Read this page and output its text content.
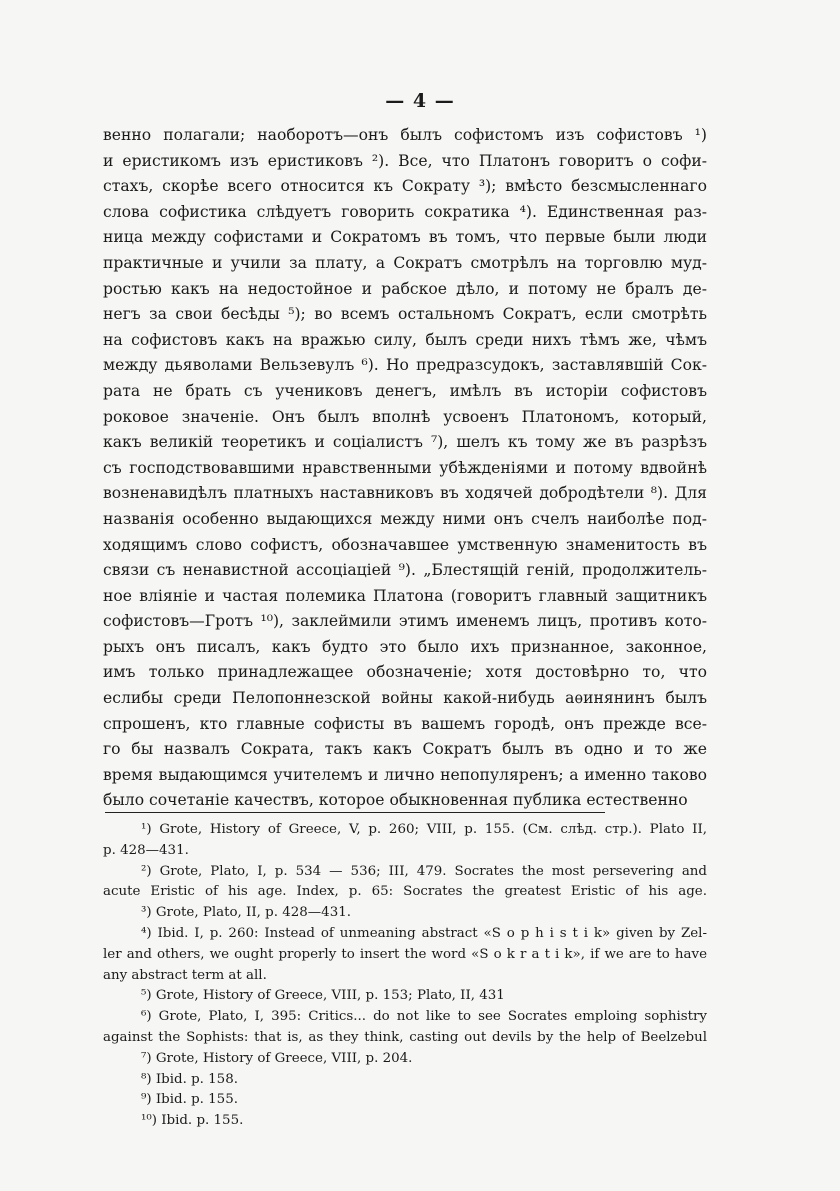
— 4 —
венно полагали; наоборотъ—онъ былъ софистомъ изъ софистовъ ¹)
и еристикомъ изъ еристиковъ ²). Все, что Платонъ говоритъ о софи-
стахъ, скорѣе всего относится къ Сократу ³); вмѣсто безсмысленнаго
слова софистика слѣдуетъ говорить сократика ⁴). Единственная раз-
ница между софистами и Сократомъ въ томъ, что первые были люди
практичные и учили за плату, а Сократъ смотрѣлъ на торговлю муд-
ростью какъ на недостойное и рабское дѣло, и потому не бралъ де-
негъ за свои бесѣды ⁵); во всемъ остальномъ Сократъ, если смотрѣть
на софистовъ какъ на вражью силу, былъ среди нихъ тѣмъ же, чѣмъ
между дьяволами Вельзевулъ ⁶). Но предразсудокъ, заставлявшій Сок-
рата не брать съ учениковъ денегъ, имѣлъ въ исторіи софистовъ
роковое значеніе. Онъ былъ вполнѣ усвоенъ Платономъ, который,
какъ великій теоретикъ и соціалистъ ⁷), шелъ къ тому же въ разрѣзъ
съ господствовавшими нравственными убѣжденіями и потому вдвойнѣ
возненавидѣлъ платныхъ наставниковъ въ ходячей добродѣтели ⁸). Для
названія особенно выдающихся между ними онъ счелъ наиболѣе под-
ходящимъ слово софистъ, обозначавшее умственную знаменитость въ
связи съ ненавистной ассоціаціей ⁹). „Блестящій геній, продолжитель-
ное вліяніе и частая полемика Платона (говоритъ главный защитникъ
софистовъ—Гротъ ¹⁰), заклеймили этимъ именемъ лицъ, противъ кото-
рыхъ онъ писалъ, какъ будто это было ихъ признанное, законное,
имъ только принадлежащее обозначеніе; хотя достовѣрно то, что
еслибы среди Пелопоннезской войны какой-нибудь аѳинянинъ былъ
спрошенъ, кто главные софисты въ вашемъ городѣ, онъ прежде все-
го бы назвалъ Сократа, такъ какъ Сократъ былъ въ одно и то же
время выдающимся учителемъ и лично непопуляренъ; а именно таково
было сочетаніе качествъ, которое обыкновенная публика естественно
¹) Grote, History of Greece, V, p. 260; VIII, p. 155. (См. слѣд. стр.). Plato II,
p. 428—431.
²) Grote, Plato, I, p. 534 — 536; III, 479. Socrates the most persevering and
acute Eristic of his age. Index, p. 65: Socrates the greatest Eristic of his age.
³) Grote, Plato, II, p. 428—431.
⁴) Ibid. I, p. 260: Instead of unmeaning abstract «S o p h i s t i k» given by Zel-
ler and others, we ought properly to insert the word «S o k r a t i k», if we are to have
any abstract term at all.
⁵) Grote, History of Greece, VIII, p. 153; Plato, II, 431
⁶) Grote, Plato, I, 395: Critics... do not like to see Socrates emploing sophistry
against the Sophists: that is, as they think, casting out devils by the help of Beelzebul
⁷) Grote, History of Greece, VIII, p. 204.
⁸) Ibid. p. 158.
⁹) Ibid. p. 155.
¹⁰) Ibid. p. 155.
